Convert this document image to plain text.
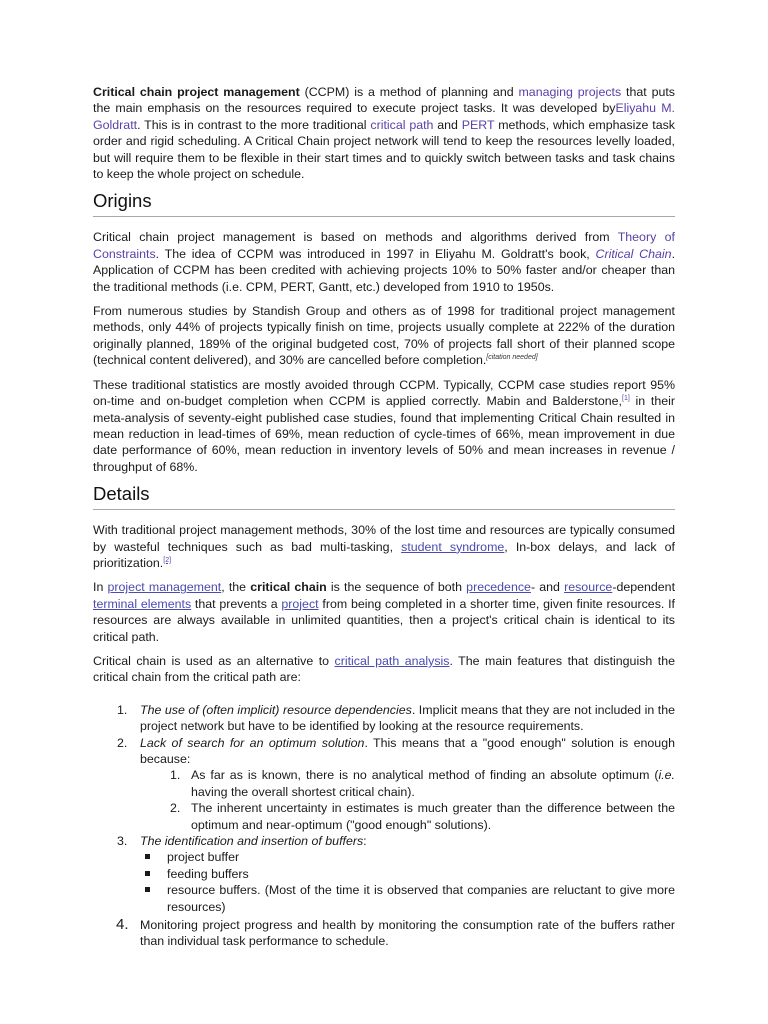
Critical chain project management (CCPM) is a method of planning and managing projects that puts the main emphasis on the resources required to execute project tasks. It was developed byEliyahu M. Goldratt. This is in contrast to the more traditional critical path and PERT methods, which emphasize task order and rigid scheduling. A Critical Chain project network will tend to keep the resources levelly loaded, but will require them to be flexible in their start times and to quickly switch between tasks and task chains to keep the whole project on schedule.

Origins

Critical chain project management is based on methods and algorithms derived from Theory of Constraints. The idea of CCPM was introduced in 1997 in Eliyahu M. Goldratt's book, Critical Chain. Application of CCPM has been credited with achieving projects 10% to 50% faster and/or cheaper than the traditional methods (i.e. CPM, PERT, Gantt, etc.) developed from 1910 to 1950s.

From numerous studies by Standish Group and others as of 1998 for traditional project management methods, only 44% of projects typically finish on time, projects usually complete at 222% of the duration originally planned, 189% of the original budgeted cost, 70% of projects fall short of their planned scope (technical content delivered), and 30% are cancelled before completion.[citation needed]

These traditional statistics are mostly avoided through CCPM. Typically, CCPM case studies report 95% on-time and on-budget completion when CCPM is applied correctly. Mabin and Balderstone,[1] in their meta-analysis of seventy-eight published case studies, found that implementing Critical Chain resulted in mean reduction in lead-times of 69%, mean reduction of cycle-times of 66%, mean improvement in due date performance of 60%, mean reduction in inventory levels of 50% and mean increases in revenue / throughput of 68%.

Details

With traditional project management methods, 30% of the lost time and resources are typically consumed by wasteful techniques such as bad multi-tasking, student syndrome, In-box delays, and lack of prioritization.[2]

In project management, the critical chain is the sequence of both precedence- and resource-dependent terminal elements that prevents a project from being completed in a shorter time, given finite resources. If resources are always available in unlimited quantities, then a project's critical chain is identical to its critical path.

Critical chain is used as an alternative to critical path analysis. The main features that distinguish the critical chain from the critical path are:

1. The use of (often implicit) resource dependencies. Implicit means that they are not included in the project network but have to be identified by looking at the resource requirements.
2. Lack of search for an optimum solution. This means that a "good enough" solution is enough because:
1. As far as is known, there is no analytical method of finding an absolute optimum (i.e. having the overall shortest critical chain).
2. The inherent uncertainty in estimates is much greater than the difference between the optimum and near-optimum ("good enough" solutions).
3. The identification and insertion of buffers:
project buffer
feeding buffers
resource buffers. (Most of the time it is observed that companies are reluctant to give more resources)
4. Monitoring project progress and health by monitoring the consumption rate of the buffers rather than individual task performance to schedule.
